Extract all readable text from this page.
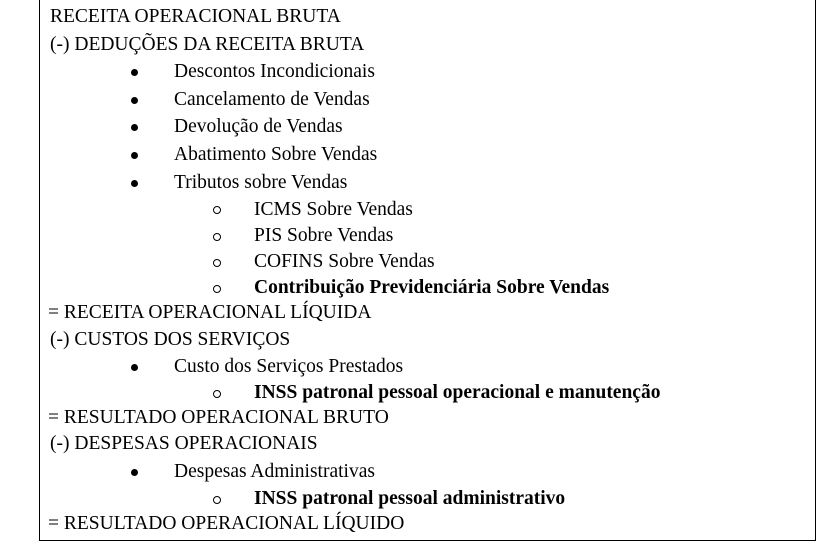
RECEITA OPERACIONAL BRUTA
(-) DEDUÇÕES DA RECEITA BRUTA
Descontos Incondicionais
Cancelamento de Vendas
Devolução de Vendas
Abatimento Sobre Vendas
Tributos sobre Vendas
ICMS Sobre Vendas
PIS Sobre Vendas
COFINS Sobre Vendas
Contribuição Previdenciária Sobre Vendas
= RECEITA OPERACIONAL LÍQUIDA
(-) CUSTOS DOS SERVIÇOS
Custo dos Serviços Prestados
INSS patronal pessoal operacional e manutenção
= RESULTADO OPERACIONAL BRUTO
(-) DESPESAS OPERACIONAIS
Despesas Administrativas
INSS patronal pessoal administrativo
= RESULTADO OPERACIONAL LÍQUIDO
